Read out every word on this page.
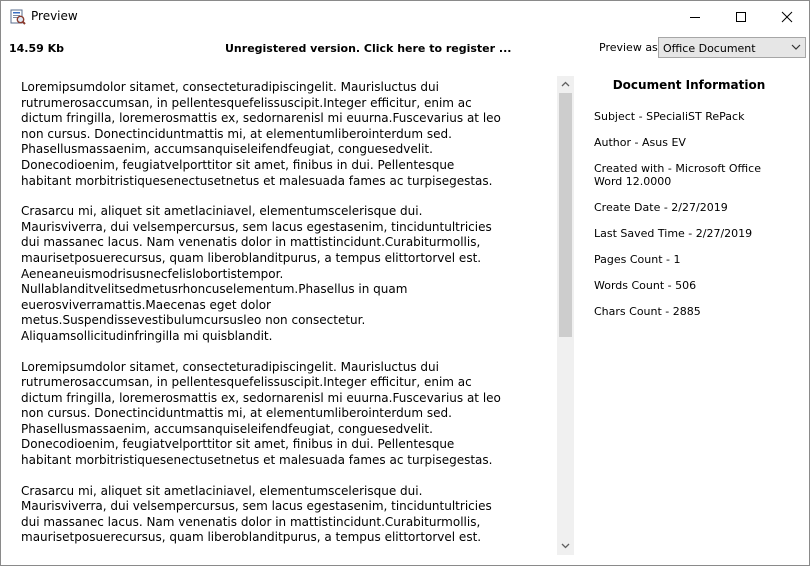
Preview
14.59 Kb	Unregistered version. Click here to register ...	Preview as Office Document

Loremipsumdolor sitamet, consecteturadipiscingelit. Maurisluctus dui
rutrumerosaccumsan, in pellentesquefelissuscipit.Integer efficitur, enim ac
dictum fringilla, loremerosmattis ex, sedornarenisl mi euurna.Fuscevarius at leo
non cursus. Donectinciduntmattis mi, at elementumliberointerdum sed.
Phasellusmassaenim, accumsanquiseleifendfeugiat, conguesedvelit.
Donecodioenim, feugiatvelporttitor sit amet, finibus in dui. Pellentesque
habitant morbitristiquesenectusetnetus et malesuada fames ac turpisegestas.

Crasarcu mi, aliquet sit ametlaciniavel, elementumscelerisque dui.
Maurisviverra, dui velsempercursus, sem lacus egestasenim, tinciduntultricies
dui massanec lacus. Nam venenatis dolor in mattistincidunt.Curabiturmollis,
maurisetposuerecursus, quam liberoblanditpurus, a tempus elittortorvel est.
Aeneaneuismodrisusnecfelislobortistempor.
Nullablanditvelitsedmetusrhoncuselementum.Phasellus in quam
euerosviverramattis.Maecenas eget dolor
metus.Suspendissevestibulumcursusleo non consectetur.
Aliquamsollicitudinfringilla mi quisblandit.

Loremipsumdolor sitamet, consecteturadipiscingelit. Maurisluctus dui
rutrumerosaccumsan, in pellentesquefelissuscipit.Integer efficitur, enim ac
dictum fringilla, loremerosmattis ex, sedornarenisl mi euurna.Fuscevarius at leo
non cursus. Donectinciduntmattis mi, at elementumliberointerdum sed.
Phasellusmassaenim, accumsanquiseleifendfeugiat, conguesedvelit.
Donecodioenim, feugiatvelporttitor sit amet, finibus in dui. Pellentesque
habitant morbitristiquesenectusetnetus et malesuada fames ac turpisegestas.

Crasarcu mi, aliquet sit ametlaciniavel, elementumscelerisque dui.
Maurisviverra, dui velsempercursus, sem lacus egestasenim, tinciduntultricies
dui massanec lacus. Nam venenatis dolor in mattistincidunt.Curabiturmollis,
maurisetposuerecursus, quam liberoblanditpurus, a tempus elittortorvel est.

Document Information
Subject - SPecialiST RePack
Author - Asus EV
Created with - Microsoft Office Word 12.0000
Create Date - 2/27/2019
Last Saved Time - 2/27/2019
Pages Count - 1
Words Count - 506
Chars Count - 2885
